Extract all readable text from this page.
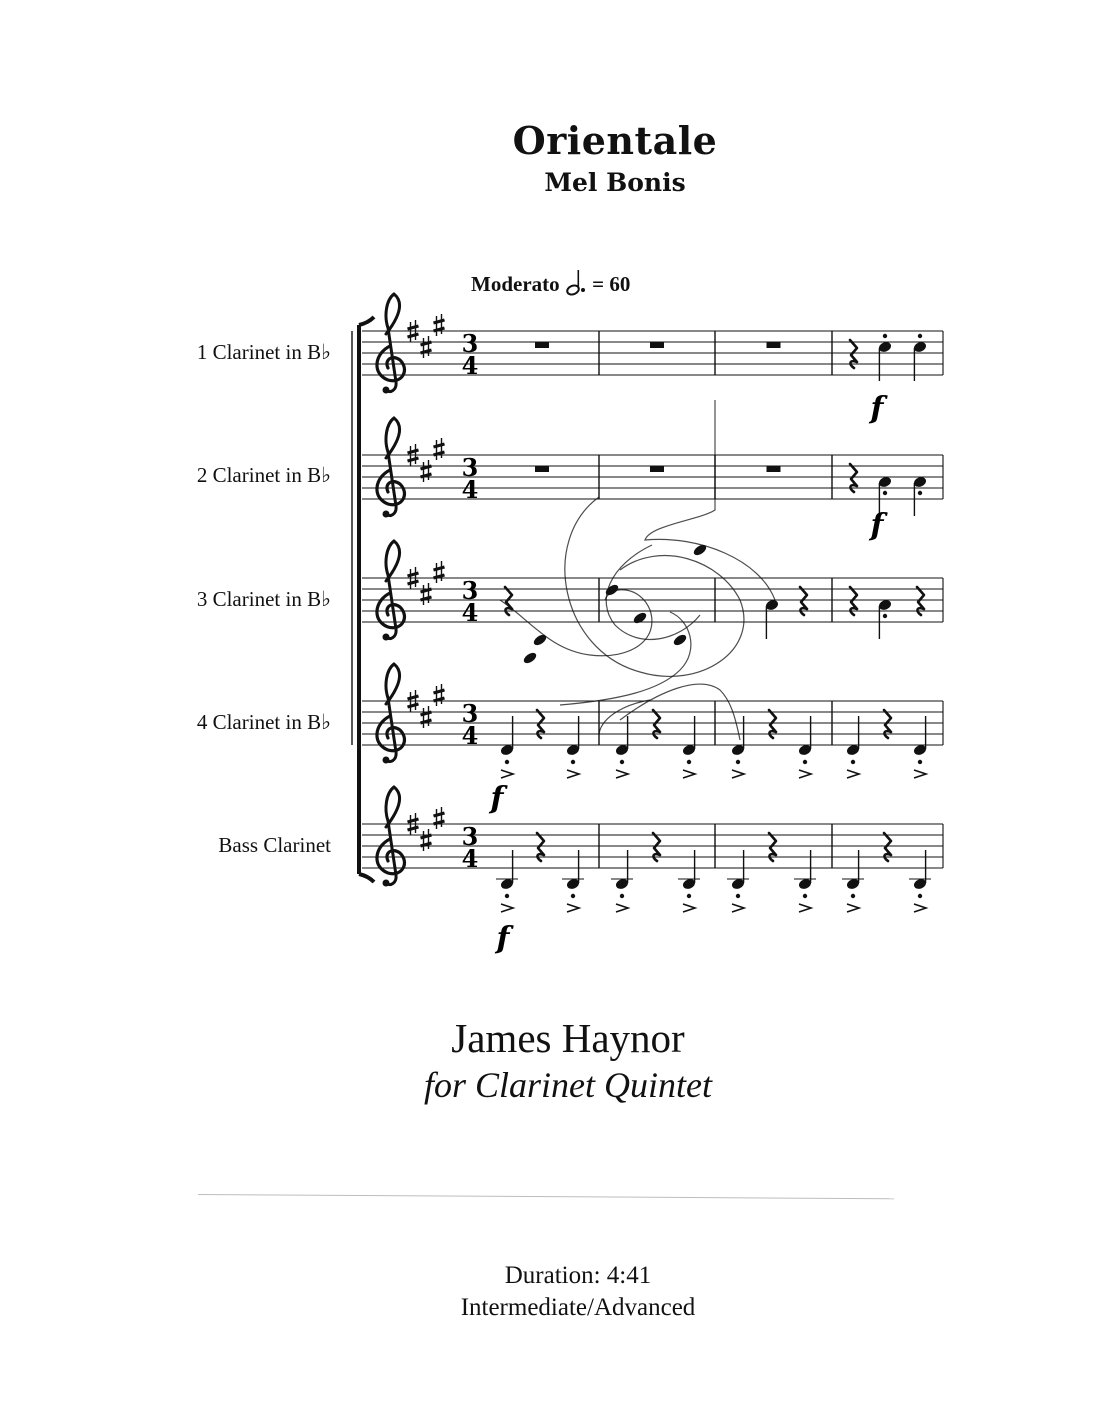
Orientale
Mel Bonis
Moderato = 60
1 Clarinet in B♭
2 Clarinet in B♭
3 Clarinet in B♭
4 Clarinet in B♭
Bass Clarinet
3
4
3
4
3
4
3
4
3
4
f
f
f
f
James Haynor
for Clarinet Quintet
Duration: 4:41
Intermediate/Advanced
